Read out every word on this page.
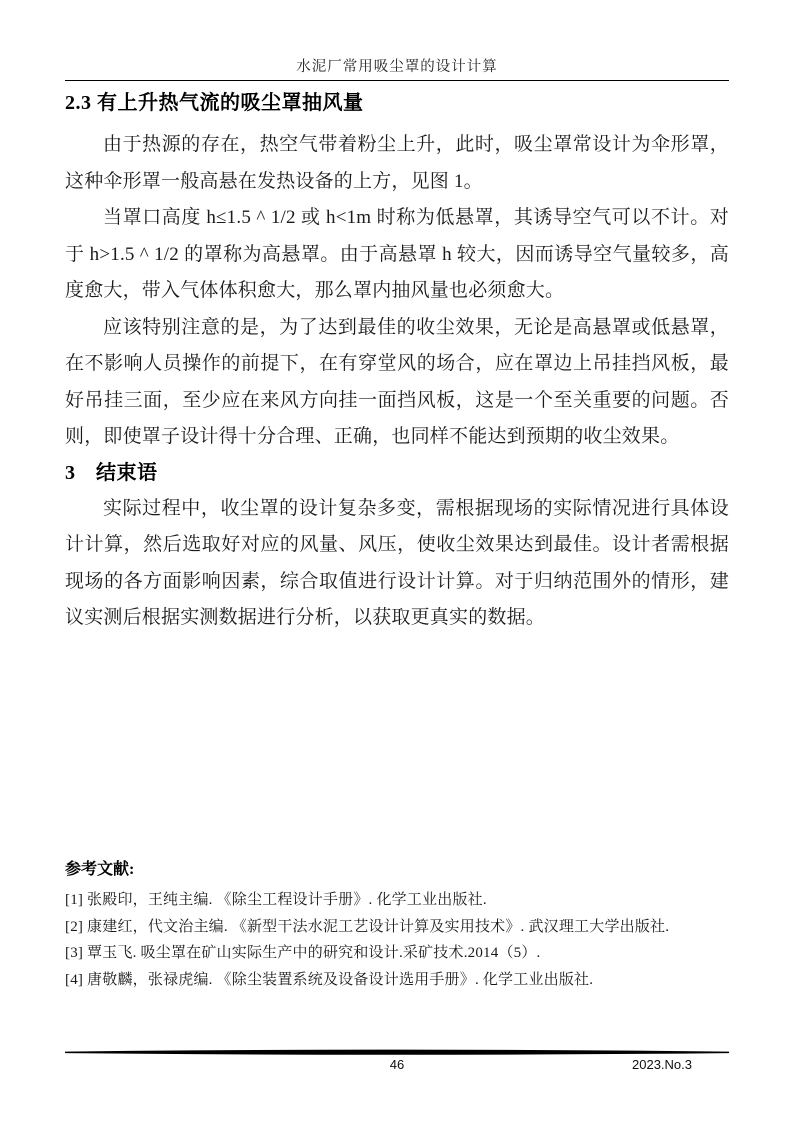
水泥厂常用吸尘罩的设计计算
2.3 有上升热气流的吸尘罩抽风量

由于热源的存在，热空气带着粉尘上升，此时，吸尘罩常设计为伞形罩，这种伞形罩一般高悬在发热设备的上方，见图 1。

当罩口高度 h≤1.5 ^ 1/2 或 h<1m 时称为低悬罩，其诱导空气可以不计。对于 h>1.5 ^ 1/2 的罩称为高悬罩。由于高悬罩 h 较大，因而诱导空气量较多，高度愈大，带入气体体积愈大，那么罩内抽风量也必须愈大。

应该特别注意的是，为了达到最佳的收尘效果，无论是高悬罩或低悬罩，在不影响人员操作的前提下，在有穿堂风的场合，应在罩边上吊挂挡风板，最好吊挂三面，至少应在来风方向挂一面挡风板，这是一个至关重要的问题。否则，即使罩子设计得十分合理、正确，也同样不能达到预期的收尘效果。

3　结束语

实际过程中，收尘罩的设计复杂多变，需根据现场的实际情况进行具体设计计算，然后选取好对应的风量、风压，使收尘效果达到最佳。设计者需根据现场的各方面影响因素，综合取值进行设计计算。对于归纳范围外的情形，建议实测后根据实测数据进行分析，以获取更真实的数据。

参考文献:
[1] 张殿印，王纯主编. 《除尘工程设计手册》. 化学工业出版社.
[2] 康建红，代文治主编. 《新型干法水泥工艺设计计算及实用技术》. 武汉理工大学出版社.
[3] 覃玉飞. 吸尘罩在矿山实际生产中的研究和设计.采矿技术.2014（5）.
[4] 唐敬麟，张禄虎编. 《除尘装置系统及设备设计选用手册》. 化学工业出版社.
46	2023.No.3
